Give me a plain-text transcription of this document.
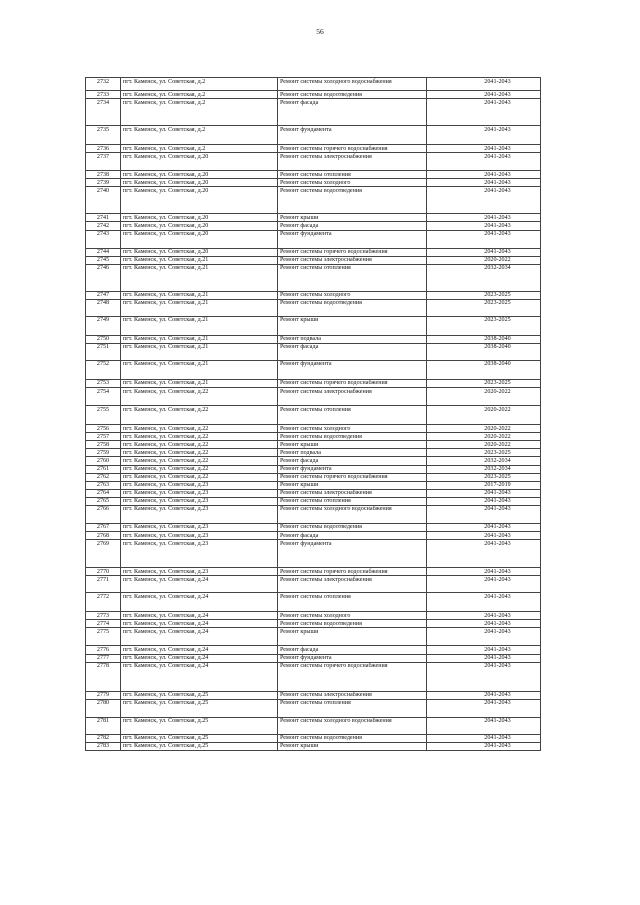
56
2732	пгт. Каменск, ул. Советская, д.2	Ремонт системы холодного водоснабжения	2041-2043
2733	пгт. Каменск, ул. Советская, д.2	Ремонт системы водоотведения	2041-2043
2734	пгт. Каменск, ул. Советская, д.2	Ремонт фасада	2041-2043
2735	пгт. Каменск, ул. Советская, д.2	Ремонт фундамента	2041-2043
2736	пгт. Каменск, ул. Советская, д.2	Ремонт системы горячего водоснабжения	2041-2043
2737	пгт. Каменск, ул. Советская, д.20	Ремонт системы электроснабжения	2041-2043
2738	пгт. Каменск, ул. Советская, д.20	Ремонт системы отопления	2041-2043
2739	пгт. Каменск, ул. Советская, д.20	Ремонт системы холодного	2041-2043
2740	пгт. Каменск, ул. Советская, д.20	Ремонт системы водоотведения	2041-2043
2741	пгт. Каменск, ул. Советская, д.20	Ремонт крыши	2041-2043
2742	пгт. Каменск, ул. Советская, д.20	Ремонт фасада	2041-2043
2743	пгт. Каменск, ул. Советская, д.20	Ремонт фундамента	2041-2043
2744	пгт. Каменск, ул. Советская, д.20	Ремонт системы горячего водоснабжения	2041-2043
2745	пгт. Каменск, ул. Советская, д.21	Ремонт системы электроснабжения	2020-2022
2746	пгт. Каменск, ул. Советская, д.21	Ремонт системы отопления	2032-2034
2747	пгт. Каменск, ул. Советская, д.21	Ремонт системы холодного	2023-2025
2748	пгт. Каменск, ул. Советская, д.21	Ремонт системы водоотведения	2023-2025
2749	пгт. Каменск, ул. Советская, д.21	Ремонт крыши	2023-2025
2750	пгт. Каменск, ул. Советская, д.21	Ремонт подвала	2038-2040
2751	пгт. Каменск, ул. Советская, д.21	Ремонт фасада	2038-2040
2752	пгт. Каменск, ул. Советская, д.21	Ремонт фундамента	2038-2040
2753	пгт. Каменск, ул. Советская, д.21	Ремонт системы горячего водоснабжения	2023-2025
2754	пгт. Каменск, ул. Советская, д.22	Ремонт системы электроснабжения	2020-2022
2755	пгт. Каменск, ул. Советская, д.22	Ремонт системы отопления	2020-2022
2756	пгт. Каменск, ул. Советская, д.22	Ремонт системы холодного	2020-2022
2757	пгт. Каменск, ул. Советская, д.22	Ремонт системы водоотведения	2020-2022
2758	пгт. Каменск, ул. Советская, д.22	Ремонт крыши	2020-2022
2759	пгт. Каменск, ул. Советская, д.22	Ремонт подвала	2023-2025
2760	пгт. Каменск, ул. Советская, д.22	Ремонт фасада	2032-2034
2761	пгт. Каменск, ул. Советская, д.22	Ремонт фундамента	2032-2034
2762	пгт. Каменск, ул. Советская, д.22	Ремонт системы горячего водоснабжения	2023-2025
2763	пгт. Каменск, ул. Советская, д.23	Ремонт крыши	2017-2019
2764	пгт. Каменск, ул. Советская, д.23	Ремонт системы электроснабжения	2041-2043
2765	пгт. Каменск, ул. Советская, д.23	Ремонт системы отопления	2041-2043
2766	пгт. Каменск, ул. Советская, д.23	Ремонт системы холодного водоснабжения	2041-2043
2767	пгт. Каменск, ул. Советская, д.23	Ремонт системы водоотведения	2041-2043
2768	пгт. Каменск, ул. Советская, д.23	Ремонт фасада	2041-2043
2769	пгт. Каменск, ул. Советская, д.23	Ремонт фундамента	2041-2043
2770	пгт. Каменск, ул. Советская, д.23	Ремонт системы горячего водоснабжения	2041-2043
2771	пгт. Каменск, ул. Советская, д.24	Ремонт системы электроснабжения	2041-2043
2772	пгт. Каменск, ул. Советская, д.24	Ремонт системы отопления	2041-2043
2773	пгт. Каменск, ул. Советская, д.24	Ремонт системы холодного	2041-2043
2774	пгт. Каменск, ул. Советская, д.24	Ремонт системы водоотведения	2041-2043
2775	пгт. Каменск, ул. Советская, д.24	Ремонт крыши	2041-2043
2776	пгт. Каменск, ул. Советская, д.24	Ремонт фасада	2041-2043
2777	пгт. Каменск, ул. Советская, д.24	Ремонт фундамента	2041-2043
2778	пгт. Каменск, ул. Советская, д.24	Ремонт системы горячего водоснабжения	2041-2043
2779	пгт. Каменск, ул. Советская, д.25	Ремонт системы электроснабжения	2041-2043
2780	пгт. Каменск, ул. Советская, д.25	Ремонт системы отопления	2041-2043
2781	пгт. Каменск, ул. Советская, д.25	Ремонт системы холодного водоснабжения	2041-2043
2782	пгт. Каменск, ул. Советская, д.25	Ремонт системы водоотведения	2041-2043
2783	пгт. Каменск, ул. Советская, д.25	Ремонт крыши	2041-2043
